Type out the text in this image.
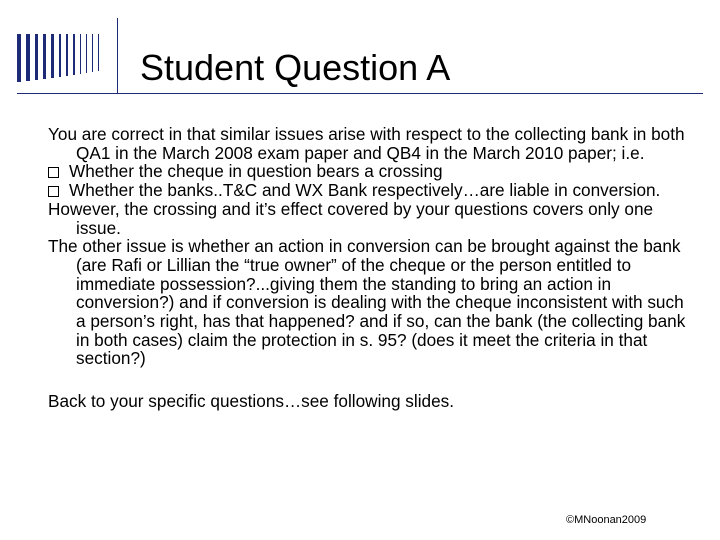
Student Question A

You are correct in that similar issues arise with respect to the collecting bank in both QA1 in the March 2008 exam paper and QB4 in the March 2010 paper; i.e.

Whether the cheque in question bears a crossing

Whether the banks..T&C and WX Bank respectively…are liable in conversion.

However, the crossing and it’s effect covered by your questions covers only one issue.

The other issue is whether an action in conversion can be brought against the bank (are Rafi or Lillian the “true owner” of the cheque or the person entitled to immediate possession?...giving them the standing to bring an action in conversion?) and if conversion is dealing with the cheque inconsistent with such a person’s right, has that happened? and if so, can the bank (the collecting bank in both cases) claim the protection in s. 95? (does it meet the criteria in that section?)

Back to your specific questions…see following slides.

©MNoonan2009
